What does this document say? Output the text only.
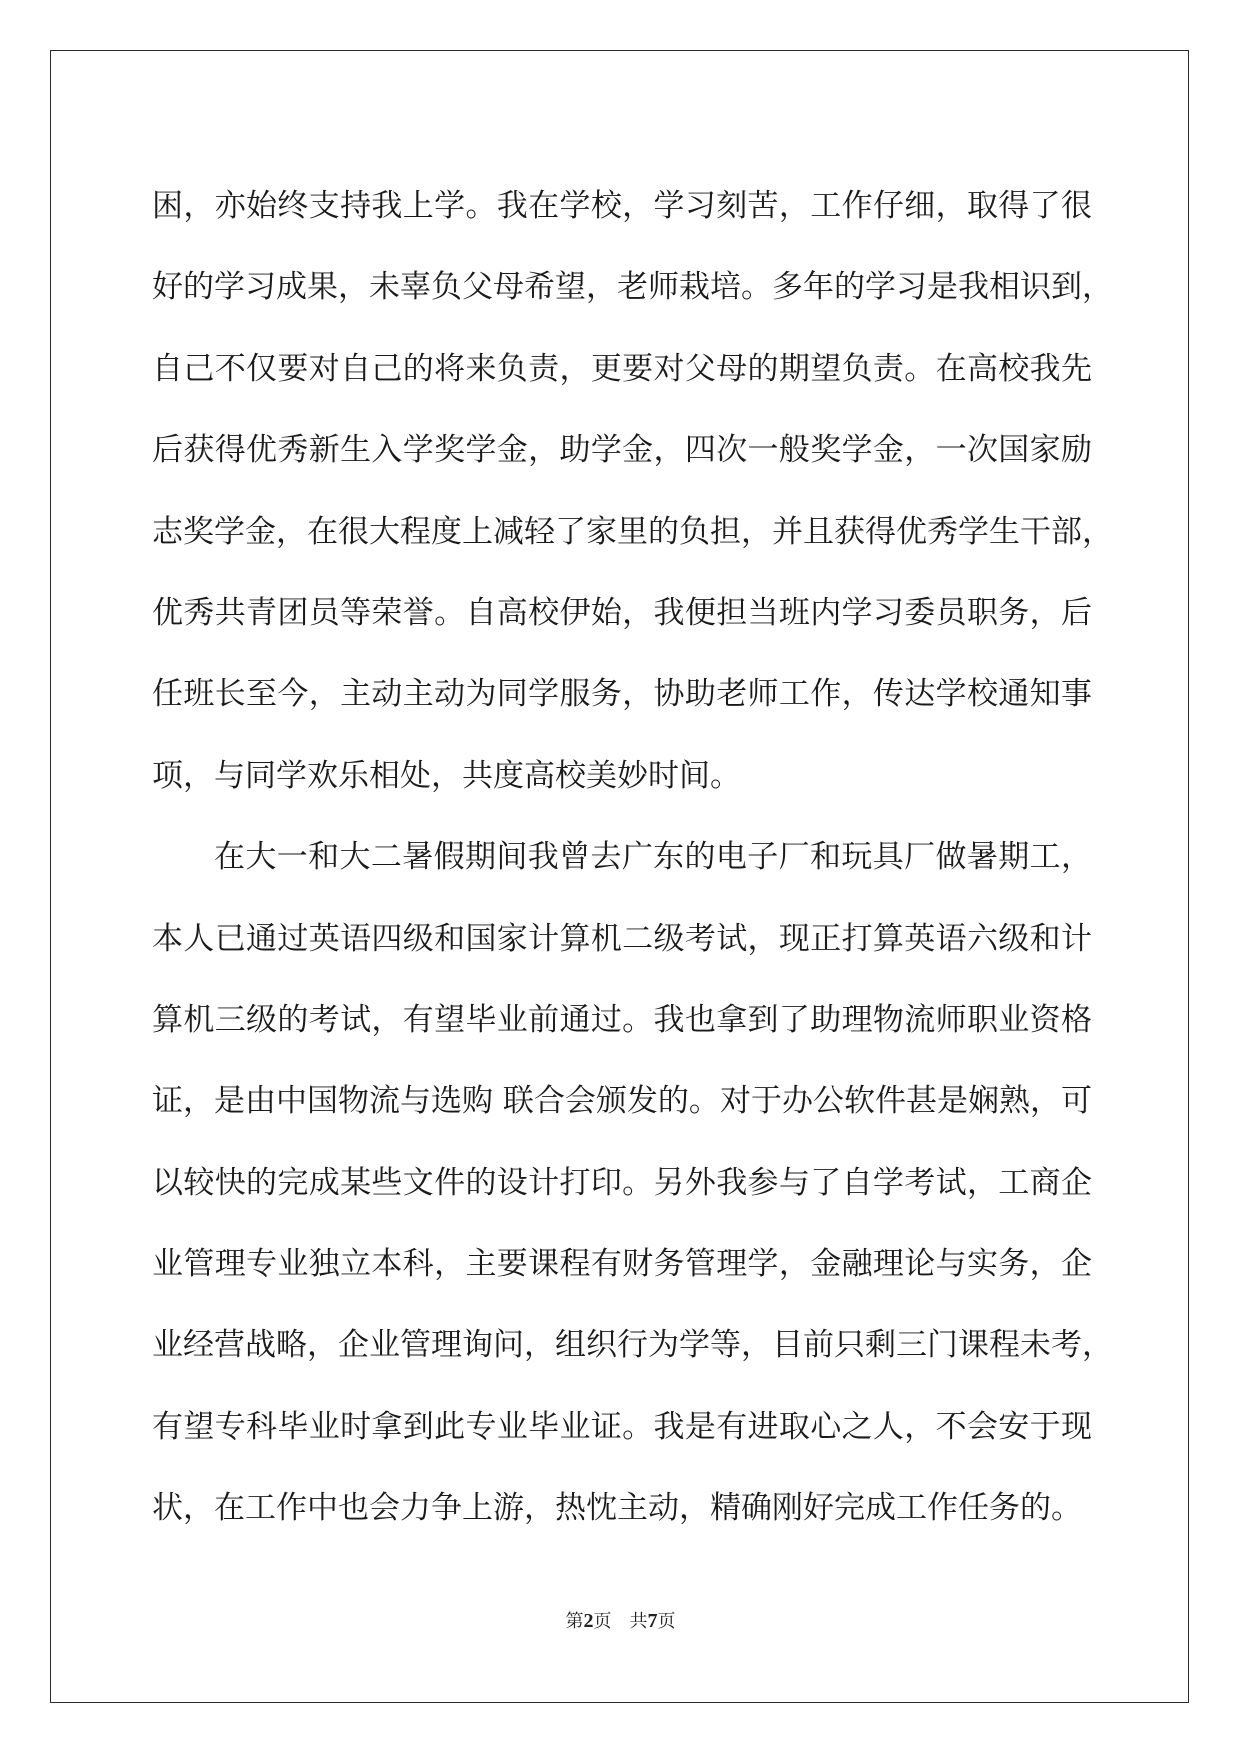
困，亦始终支持我上学。我在学校，学习刻苦，工作仔细，取得了很
好的学习成果，未辜负父母希望，老师栽培。多年的学习是我相识到，
自己不仅要对自己的将来负责，更要对父母的期望负责。在高校我先
后获得优秀新生入学奖学金，助学金，四次一般奖学金，一次国家励
志奖学金，在很大程度上减轻了家里的负担，并且获得优秀学生干部，
优秀共青团员等荣誉。自高校伊始，我便担当班内学习委员职务，后
任班长至今，主动主动为同学服务，协助老师工作，传达学校通知事
项，与同学欢乐相处，共度高校美妙时间。
在大一和大二暑假期间我曾去广东的电子厂和玩具厂做暑期工，
本人已通过英语四级和国家计算机二级考试，现正打算英语六级和计
算机三级的考试，有望毕业前通过。我也拿到了助理物流师职业资格
证，是由中国物流与选购 联合会颁发的。对于办公软件甚是娴熟，可
以较快的完成某些文件的设计打印。另外我参与了自学考试，工商企
业管理专业独立本科，主要课程有财务管理学，金融理论与实务，企
业经营战略，企业管理询问，组织行为学等，目前只剩三门课程未考，
有望专科毕业时拿到此专业毕业证。我是有进取心之人，不会安于现
状，在工作中也会力争上游，热忱主动，精确刚好完成工作任务的。
第2页 共7页
